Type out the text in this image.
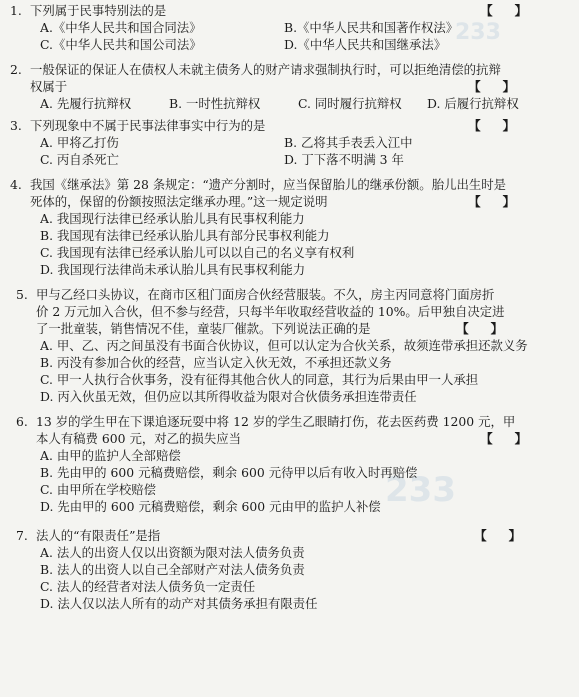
233
233
1. 下列属于民事特别法的是	【】
A.《中华人民共和国合同法》	B.《中华人民共和国著作权法》
C.《中华人民共和国公司法》	D.《中华人民共和国继承法》
2. 一般保证的保证人在债权人未就主债务人的财产请求强制执行时，可以拒绝清偿的抗辩
权属于	【】
A. 先履行抗辩权	B. 一时性抗辩权	C. 同时履行抗辩权	D. 后履行抗辩权
3. 下列现象中不属于民事法律事实中行为的是	【】
A. 甲将乙打伤	B. 乙将其手表丢入江中
C. 丙自杀死亡	D. 丁下落不明满 3 年
4. 我国《继承法》第 28 条规定：“遗产分割时，应当保留胎儿的继承份额。胎儿出生时是
死体的，保留的份额按照法定继承办理。”这一规定说明	【】
A. 我国现行法律已经承认胎儿具有民事权利能力
B. 我国现有法律已经承认胎儿具有部分民事权利能力
C. 我国现有法律已经承认胎儿可以以自己的名义享有权利
D. 我国现行法律尚未承认胎儿具有民事权利能力
5. 甲与乙经口头协议，在商市区租门面房合伙经营服装。不久，房主丙同意将门面房折
价 2 万元加入合伙，但不参与经营，只每半年收取经营收益的 10%。后甲独自决定进
了一批童装，销售情况不佳，童装厂催款。下列说法正确的是	【】
A. 甲、乙、丙之间虽没有书面合伙协议，但可以认定为合伙关系，故须连带承担还款义务
B. 丙没有参加合伙的经营，应当认定入伙无效，不承担还款义务
C. 甲一人执行合伙事务，没有征得其他合伙人的同意，其行为后果由甲一人承担
D. 丙入伙虽无效，但仍应以其所得收益为限对合伙债务承担连带责任
6. 13 岁的学生甲在下课追逐玩耍中将 12 岁的学生乙眼睛打伤，花去医药费 1200 元，甲
本人有稿费 600 元，对乙的损失应当	【】
A. 由甲的监护人全部赔偿
B. 先由甲的 600 元稿费赔偿，剩余 600 元待甲以后有收入时再赔偿
C. 由甲所在学校赔偿
D. 先由甲的 600 元稿费赔偿，剩余 600 元由甲的监护人补偿
7. 法人的“有限责任”是指	【】
A. 法人的出资人仅以出资额为限对法人债务负责
B. 法人的出资人以自己全部财产对法人债务负责
C. 法人的经营者对法人债务负一定责任
D. 法人仅以法人所有的动产对其债务承担有限责任
